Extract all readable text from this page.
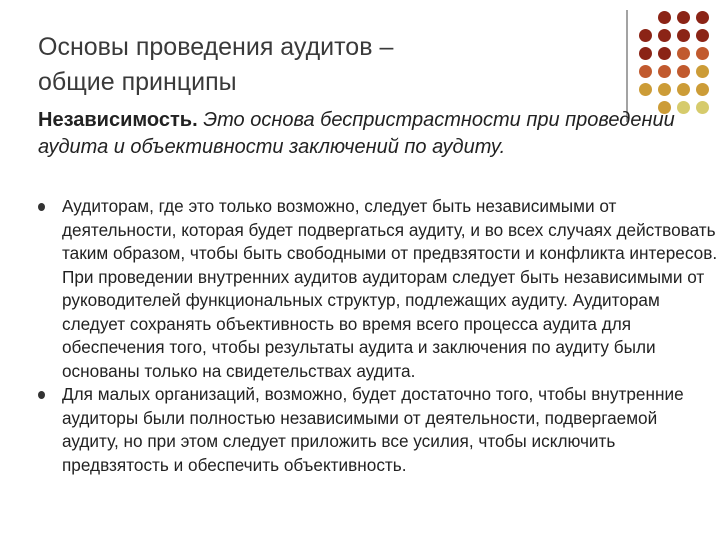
Основы проведения аудитов –
общие принципы

Независимость. Это основа беспристрастности при проведении аудита и объективности заключений по аудиту.

Аудиторам, где это только возможно, следует быть независимыми от деятельности, которая будет подвергаться аудиту, и во всех случаях действовать таким образом, чтобы быть свободными от предвзятости и конфликта интересов. При проведении внутренних аудитов аудиторам следует быть независимыми от руководителей функциональных структур, подлежащих аудиту. Аудиторам следует сохранять объективность во время всего процесса аудита для обеспечения того, чтобы результаты аудита и заключения по аудиту были основаны только на свидетельствах аудита.
Для малых организаций, возможно, будет достаточно того, чтобы внутренние аудиторы были полностью независимыми от деятельности, подвергаемой аудиту, но при этом следует приложить все усилия, чтобы исключить предвзятость и обеспечить объективность.
